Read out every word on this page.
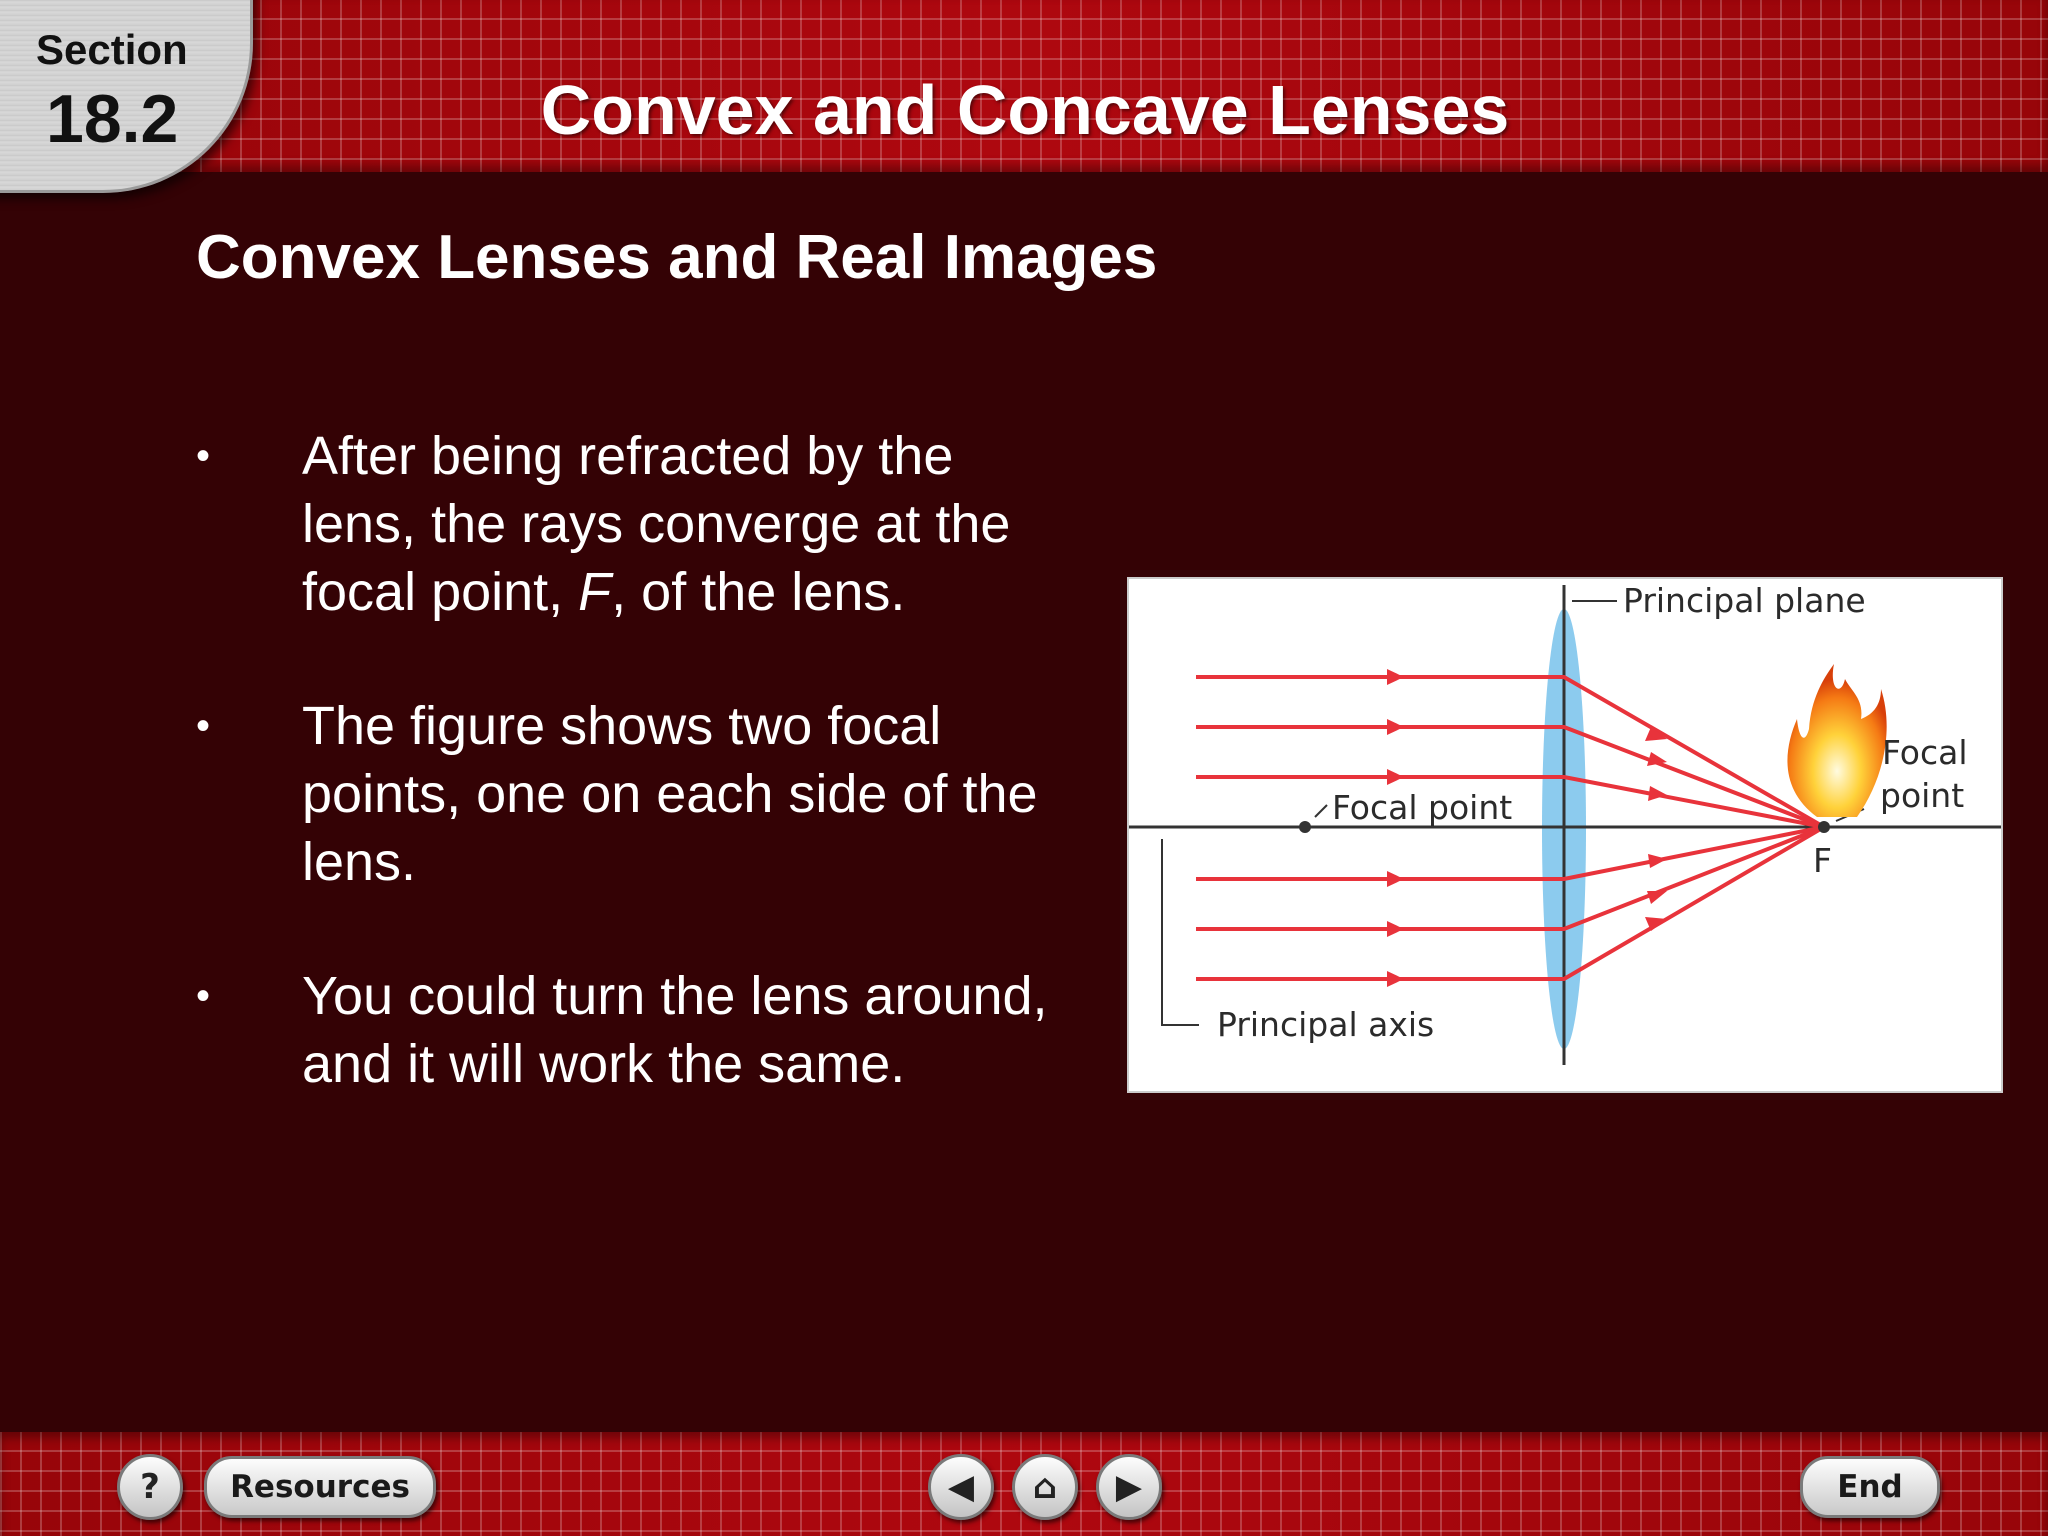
Section
18.2	Convex and Concave Lenses
Convex Lenses and Real Images
• After being refracted by the lens, the rays converge at the focal point, F, of the lens.
• The figure shows two focal points, one on each side of the lens.
• You could turn the lens around, and it will work the same.
Principal plane
Focal point
Focal
point
F
Principal axis
?	Resources	◀	⌂	▶	End
